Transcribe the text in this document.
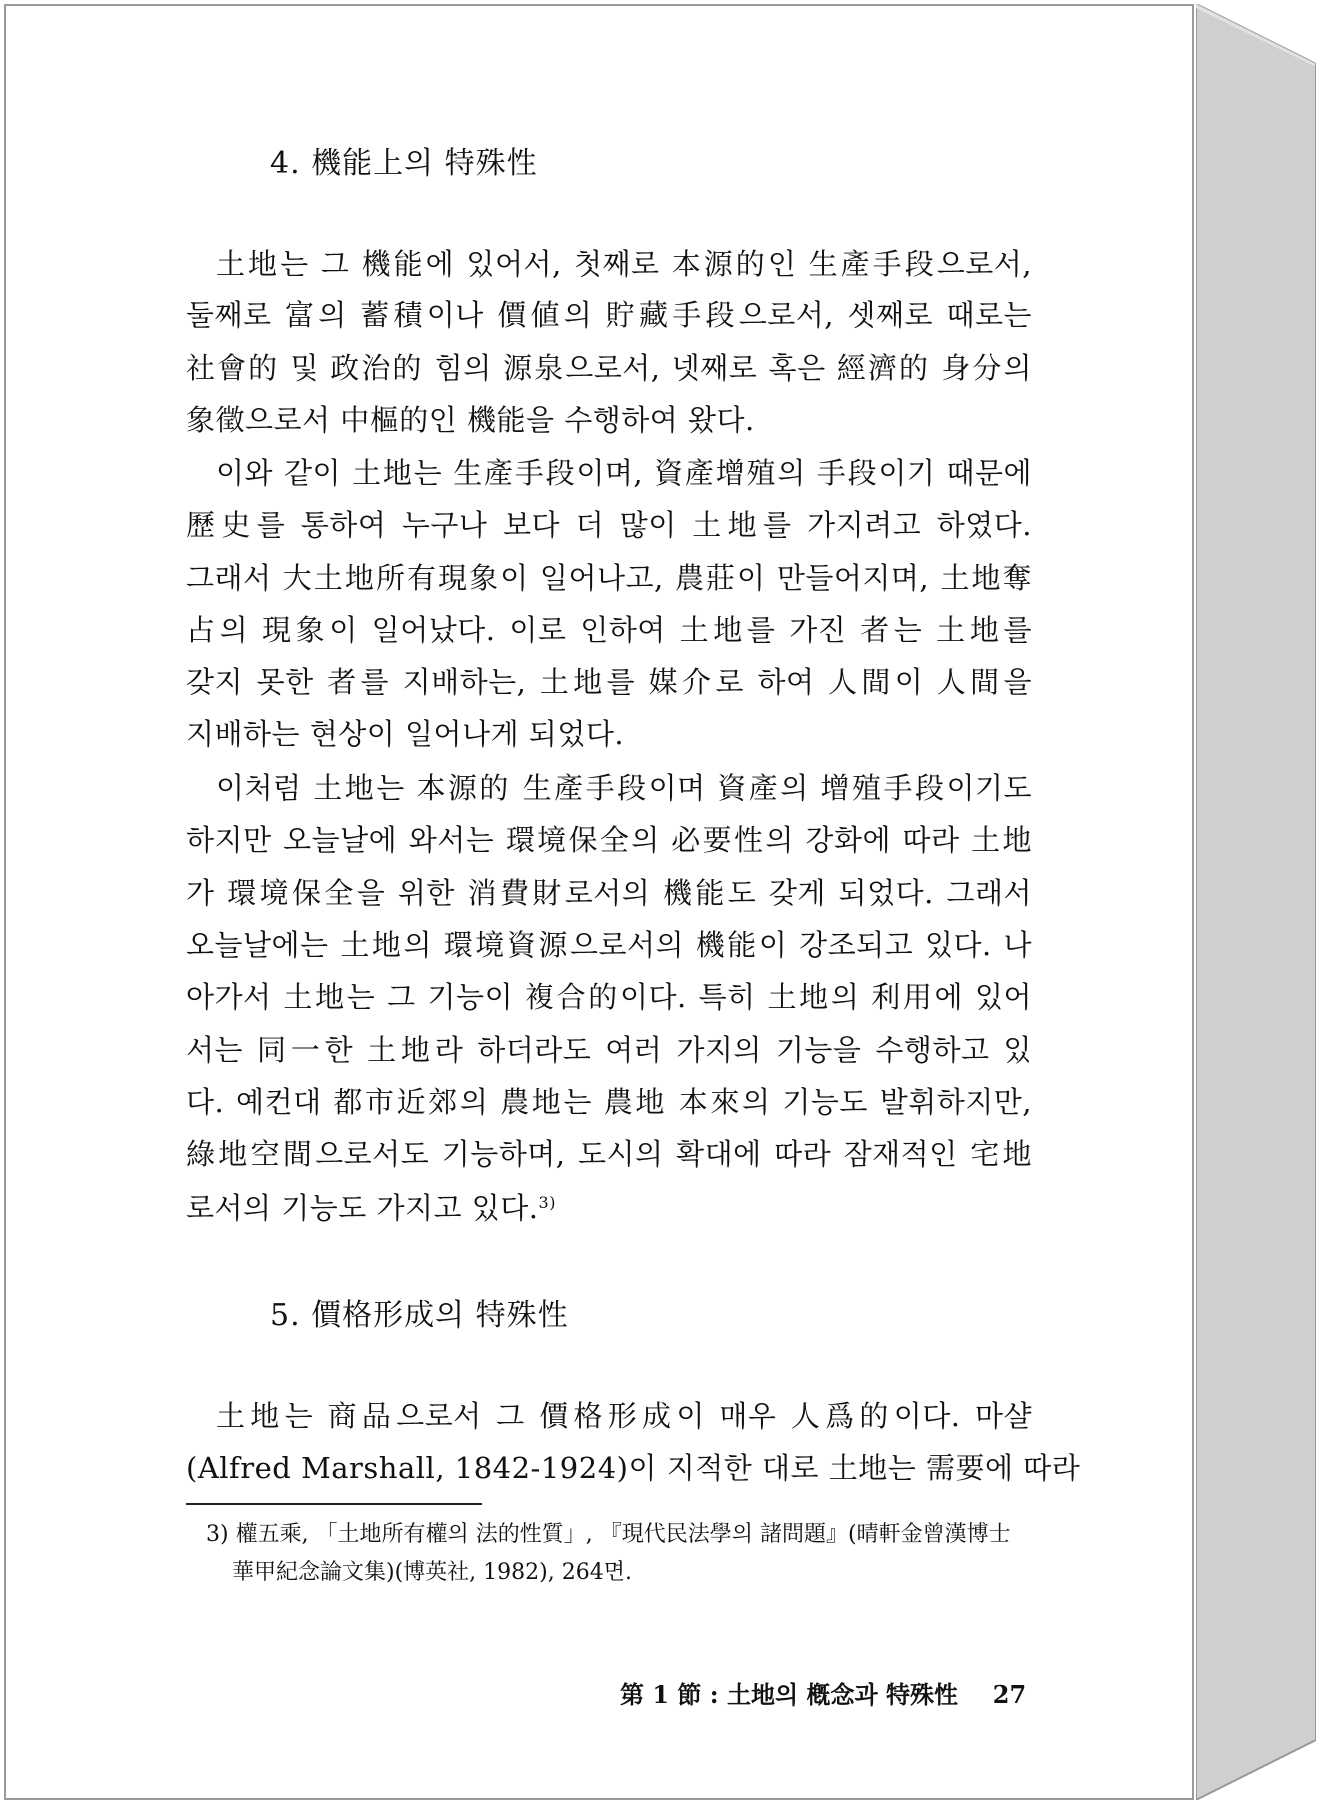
4. 機能上의 特殊性
土地는 그 機能에 있어서, 첫째로 本源的인 生產手段으로서,
둘째로 富의 蓄積이나 價値의 貯藏手段으로서, 셋째로 때로는
社會的 및 政治的 힘의 源泉으로서, 넷째로 혹은 經濟的 身分의
象徵으로서 中樞的인 機能을 수행하여 왔다.
이와 같이 土地는 生產手段이며, 資產增殖의 手段이기 때문에
歷史를 통하여 누구나 보다 더 많이 土地를 가지려고 하였다.
그래서 大土地所有現象이 일어나고, 農莊이 만들어지며, 土地奪
占의 現象이 일어났다. 이로 인하여 土地를 가진 者는 土地를
갖지 못한 者를 지배하는, 土地를 媒介로 하여 人間이 人間을
지배하는 현상이 일어나게 되었다.
이처럼 土地는 本源的 生產手段이며 資產의 增殖手段이기도
하지만 오늘날에 와서는 環境保全의 必要性의 강화에 따라 土地
가 環境保全을 위한 消費財로서의 機能도 갖게 되었다. 그래서
오늘날에는 土地의 環境資源으로서의 機能이 강조되고 있다. 나
아가서 土地는 그 기능이 複合的이다. 특히 土地의 利用에 있어
서는 同一한 土地라 하더라도 여러 가지의 기능을 수행하고 있
다. 예컨대 都市近郊의 農地는 農地 本來의 기능도 발휘하지만,
綠地空間으로서도 기능하며, 도시의 확대에 따라 잠재적인 宅地
로서의 기능도 가지고 있다.$^{3)}$
5. 價格形成의 特殊性
土地는 商品으로서 그 價格形成이 매우 人爲的이다. 마샬
(Alfred Marshall, 1842-1924)이 지적한 대로 土地는 需要에 따라
3) 權五乘, 「土地所有權의 法的性質」, 『現代民法學의 諸問題』(晴軒金曾漢博士
華甲紀念論文集)(博英社, 1982), 264면.
第 1 節 : 土地의 槪念과 特殊性 27
